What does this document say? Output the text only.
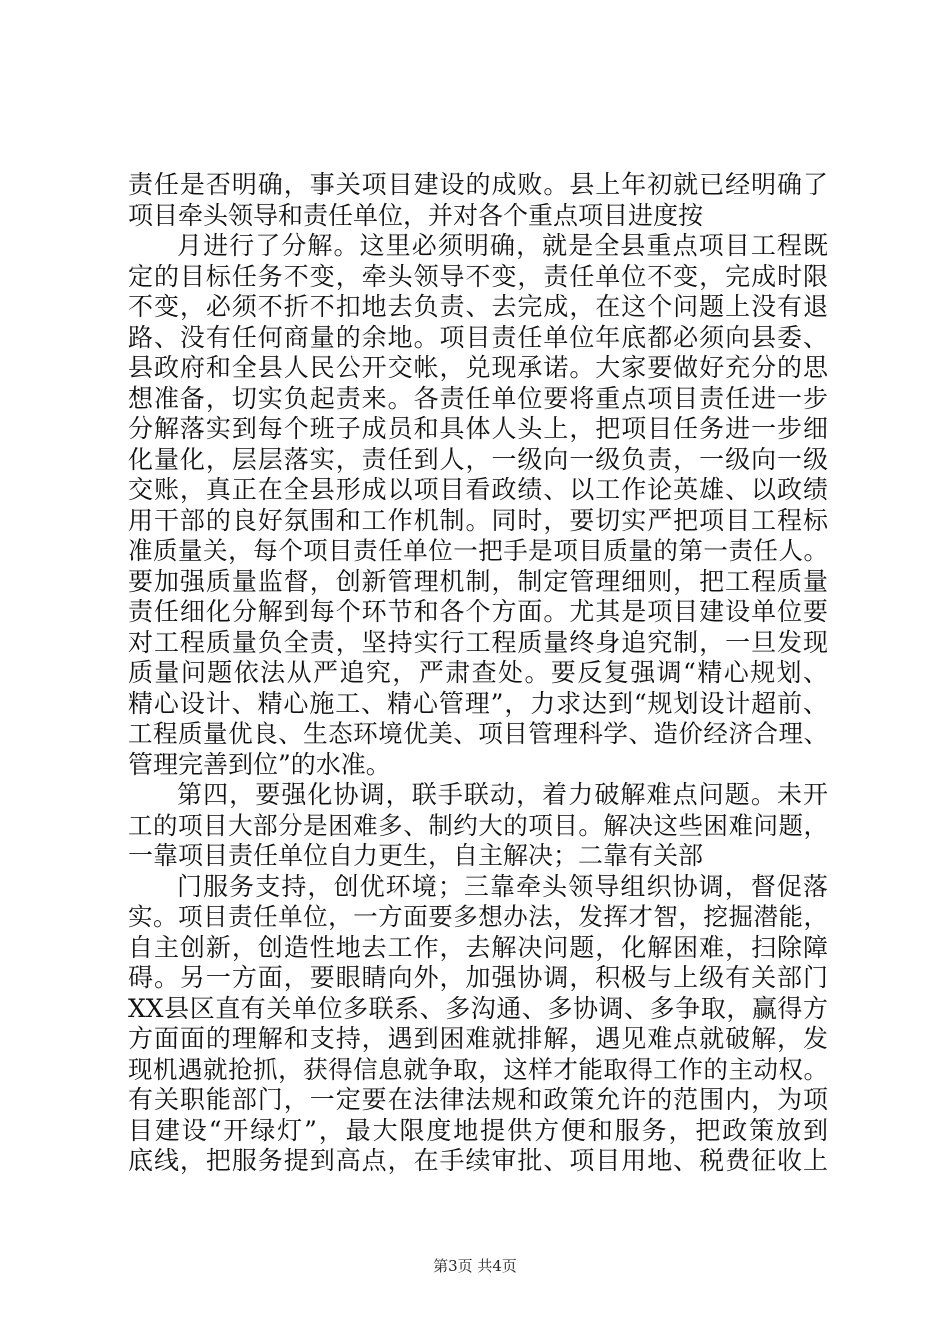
责任是否明确，事关项目建设的成败。县上年初就已经明确了
项目牵头领导和责任单位，并对各个重点项目进度按
月进行了分解。这里必须明确，就是全县重点项目工程既
定的目标任务不变，牵头领导不变，责任单位不变，完成时限
不变，必须不折不扣地去负责、去完成，在这个问题上没有退
路、没有任何商量的余地。项目责任单位年底都必须向县委、
县政府和全县人民公开交帐，兑现承诺。大家要做好充分的思
想准备，切实负起责来。各责任单位要将重点项目责任进一步
分解落实到每个班子成员和具体人头上，把项目任务进一步细
化量化，层层落实，责任到人，一级向一级负责，一级向一级
交账，真正在全县形成以项目看政绩、以工作论英雄、以政绩
用干部的良好氛围和工作机制。同时，要切实严把项目工程标
准质量关，每个项目责任单位一把手是项目质量的第一责任人。
要加强质量监督，创新管理机制，制定管理细则，把工程质量
责任细化分解到每个环节和各个方面。尤其是项目建设单位要
对工程质量负全责，坚持实行工程质量终身追究制，一旦发现
质量问题依法从严追究，严肃查处。要反复强调“精心规划、
精心设计、精心施工、精心管理”，力求达到“规划设计超前、
工程质量优良、生态环境优美、项目管理科学、造价经济合理、
管理完善到位”的水准。
第四，要强化协调，联手联动，着力破解难点问题。未开
工的项目大部分是困难多、制约大的项目。解决这些困难问题，
一靠项目责任单位自力更生，自主解决；二靠有关部
门服务支持，创优环境；三靠牵头领导组织协调，督促落
实。项目责任单位，一方面要多想办法，发挥才智，挖掘潜能，
自主创新，创造性地去工作，去解决问题，化解困难，扫除障
碍。另一方面，要眼睛向外，加强协调，积极与上级有关部门
XX县区直有关单位多联系、多沟通、多协调、多争取，赢得方
方面面的理解和支持，遇到困难就排解，遇见难点就破解，发
现机遇就抢抓，获得信息就争取，这样才能取得工作的主动权。
有关职能部门，一定要在法律法规和政策允许的范围内，为项
目建设“开绿灯”，最大限度地提供方便和服务，把政策放到
底线，把服务提到高点，在手续审批、项目用地、税费征收上
第3页 共4页
